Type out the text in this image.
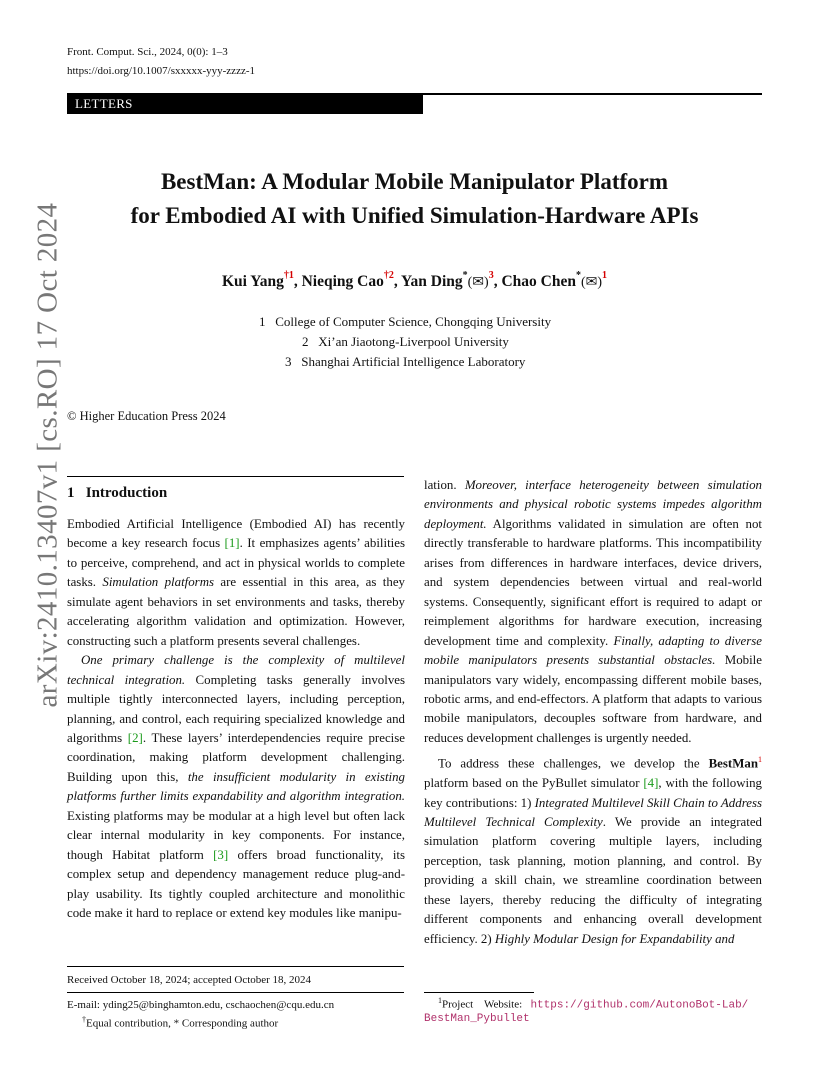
Front. Comput. Sci., 2024, 0(0): 1–3
https://doi.org/10.1007/sxxxxx-yyy-zzzz-1
LETTERS
arXiv:2410.13407v1 [cs.RO] 17 Oct 2024
BestMan: A Modular Mobile Manipulator Platform
for Embodied AI with Unified Simulation-Hardware APIs
Kui Yang$^{\dagger 1}$, Nieqing Cao$^{\dagger 2}$, Yan Ding*(✉)$^3$, Chao Chen*(✉)$^1$
1 College of Computer Science, Chongqing University
2 Xi’an Jiaotong-Liverpool University
3 Shanghai Artificial Intelligence Laboratory
© Higher Education Press 2024
1 Introduction

Embodied Artificial Intelligence (Embodied AI) has recently become a key research focus [1]. It emphasizes agents’ abilities to perceive, comprehend, and act in physical worlds to complete tasks. Simulation platforms are essential in this area, as they simulate agent behaviors in set environments and tasks, thereby accelerating algorithm validation and optimization. However, constructing such a platform presents several challenges.

One primary challenge is the complexity of multilevel technical integration. Completing tasks generally involves multiple tightly interconnected layers, including perception, planning, and control, each requiring specialized knowledge and algorithms [2]. These layers’ interdependencies require precise coordination, making platform development challenging. Building upon this, the insufficient modularity in existing platforms further limits expandability and algorithm integration. Existing platforms may be modular at a high level but often lack clear internal modularity in key components. For instance, though Habitat platform [3] offers broad functionality, its complex setup and dependency management reduce plug-and-play usability. Its tightly coupled architecture and monolithic code make it hard to replace or extend key modules like manipu-

lation. Moreover, interface heterogeneity between simulation environments and physical robotic systems impedes algorithm deployment. Algorithms validated in simulation are often not directly transferable to hardware platforms. This incompatibility arises from differences in hardware interfaces, device drivers, and system dependencies between virtual and real-world systems. Consequently, significant effort is required to adapt or reimplement algorithms for hardware execution, increasing development time and complexity. Finally, adapting to diverse mobile manipulators presents substantial obstacles. Mobile manipulators vary widely, encompassing different mobile bases, robotic arms, and end-effectors. A platform that adapts to various mobile manipulators, decouples software from hardware, and reduces development challenges is urgently needed.

To address these challenges, we develop the BestMan$^1$ platform based on the PyBullet simulator [4], with the following key contributions: 1) Integrated Multilevel Skill Chain to Address Multilevel Technical Complexity. We provide an integrated simulation platform covering multiple layers, including perception, task planning, motion planning, and control. By providing a skill chain, we streamline coordination between these layers, thereby reducing the difficulty of integrating different components and enhancing overall development efficiency. 2) Highly Modular Design for Expandability and

Received October 18, 2024; accepted October 18, 2024
E-mail: yding25@binghamton.edu, cschaochen@cqu.edu.cn
†Equal contribution, * Corresponding author
$^1$Project    Website: https://github.com/AutonoBot-Lab/
BestMan_Pybullet
